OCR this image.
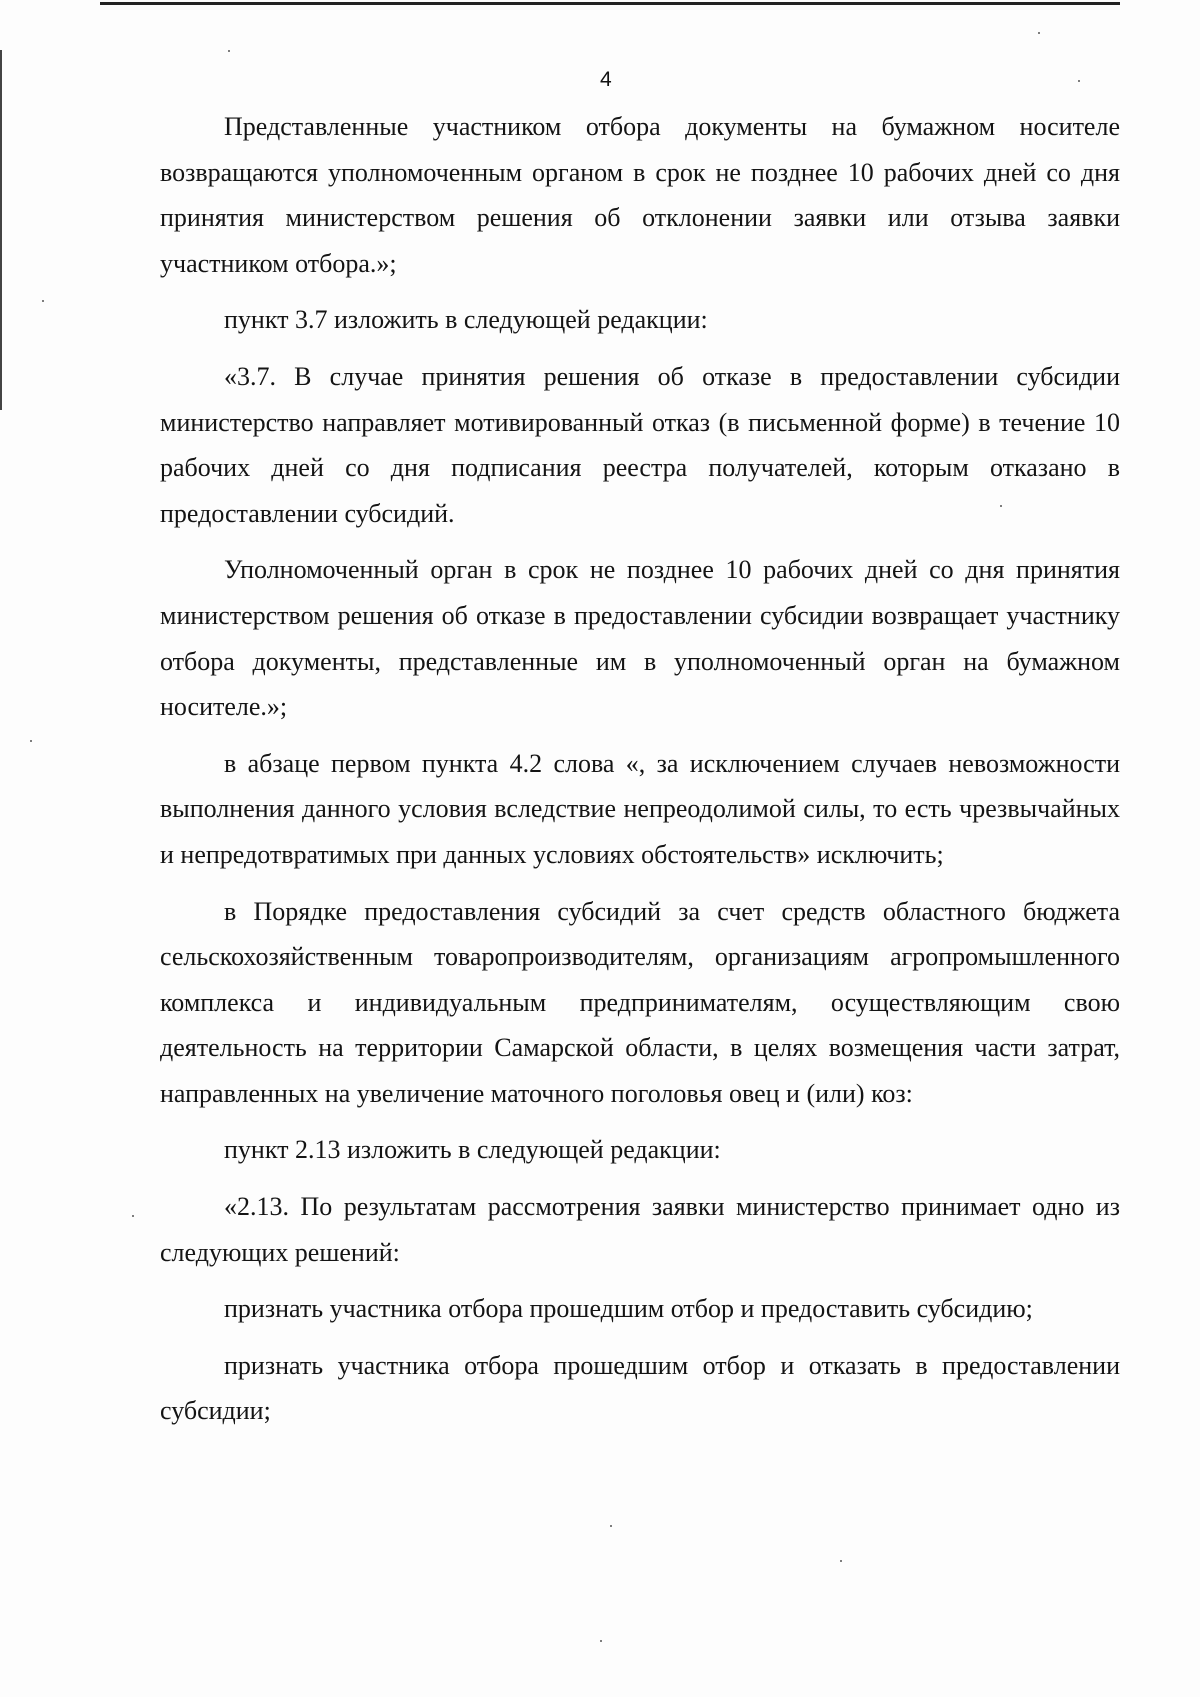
4

Представленные участником отбора документы на бумажном носителе возвращаются уполномоченным органом в срок не позднее 10 рабочих дней со дня принятия министерством решения об отклонении заявки или отзыва заявки участником отбора.»;

пункт 3.7 изложить в следующей редакции:

«3.7. В случае принятия решения об отказе в предоставлении субсидии министерство направляет мотивированный отказ (в письменной форме) в течение 10 рабочих дней со дня подписания реестра получателей, которым отказано в предоставлении субсидий.

Уполномоченный орган в срок не позднее 10 рабочих дней со дня принятия министерством решения об отказе в предоставлении субсидии возвращает участнику отбора документы, представленные им в уполномоченный орган на бумажном носителе.»;

в абзаце первом пункта 4.2 слова «, за исключением случаев невозможности выполнения данного условия вследствие непреодолимой силы, то есть чрезвычайных и непредотвратимых при данных условиях обстоятельств» исключить;

в Порядке предоставления субсидий за счет средств областного бюджета сельскохозяйственным товаропроизводителям, организациям агропромышленного комплекса и индивидуальным предпринимателям, осуществляющим свою деятельность на территории Самарской области, в целях возмещения части затрат, направленных на увеличение маточного поголовья овец и (или) коз:

пункт 2.13 изложить в следующей редакции:

«2.13. По результатам рассмотрения заявки министерство принимает одно из следующих решений:

признать участника отбора прошедшим отбор и предоставить субсидию;

признать участника отбора прошедшим отбор и отказать в предоставлении субсидии;
